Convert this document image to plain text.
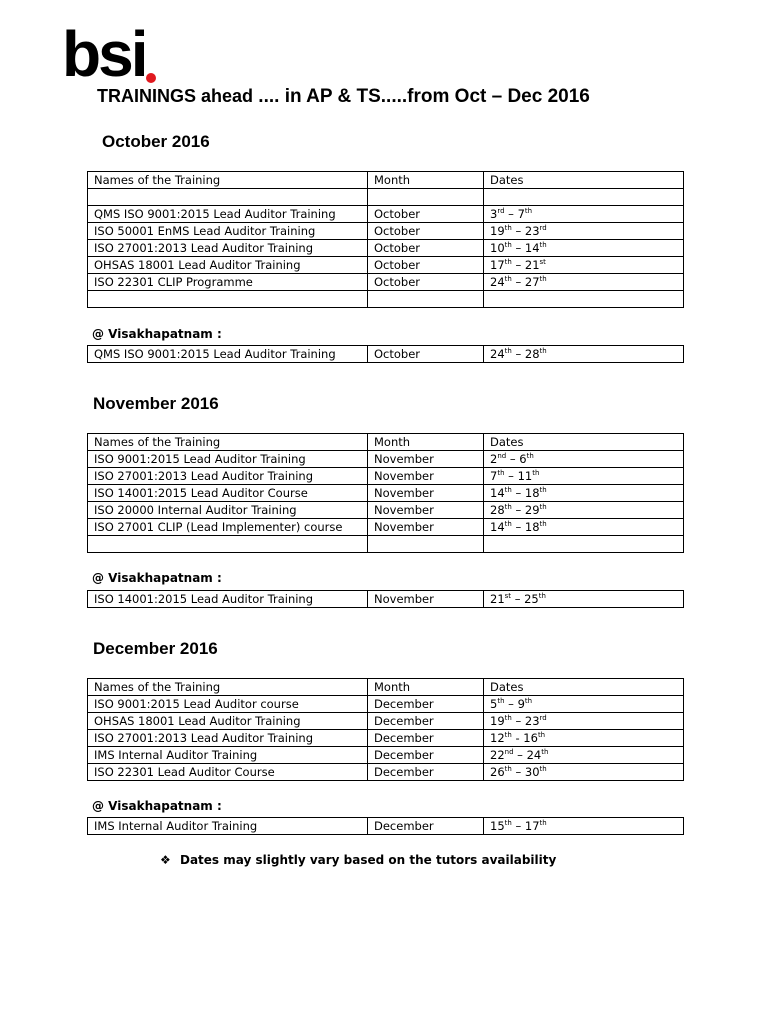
bsi
TRAININGS ahead .... in AP & TS.....from Oct – Dec 2016
October 2016
Names of the Training	Month	Dates

QMS ISO 9001:2015 Lead Auditor Training	October	3rd – 7th
ISO 50001 EnMS Lead Auditor Training	October	19th – 23rd
ISO 27001:2013 Lead Auditor Training	October	10th – 14th
OHSAS 18001 Lead Auditor Training	October	17th – 21st
ISO 22301 CLIP Programme	October	24th – 27th

@ Visakhapatnam :
QMS ISO 9001:2015 Lead Auditor Training	October	24th – 28th
November 2016
Names of the Training	Month	Dates
ISO 9001:2015 Lead Auditor Training	November	2nd – 6th
ISO 27001:2013 Lead Auditor Training	November	7th – 11th
ISO 14001:2015 Lead Auditor Course	November	14th – 18th
ISO 20000 Internal Auditor Training	November	28th – 29th
ISO 27001 CLIP (Lead Implementer) course	November	14th – 18th

@ Visakhapatnam :
ISO 14001:2015 Lead Auditor Training	November	21st – 25th
December 2016
Names of the Training	Month	Dates
ISO 9001:2015 Lead Auditor course	December	5th – 9th
OHSAS 18001 Lead Auditor Training	December	19th – 23rd
ISO 27001:2013 Lead Auditor Training	December	12th - 16th
IMS Internal Auditor Training	December	22nd – 24th
ISO 22301 Lead Auditor Course	December	26th – 30th
@ Visakhapatnam :
IMS Internal Auditor Training	December	15th – 17th
❖ Dates may slightly vary based on the tutors availability
